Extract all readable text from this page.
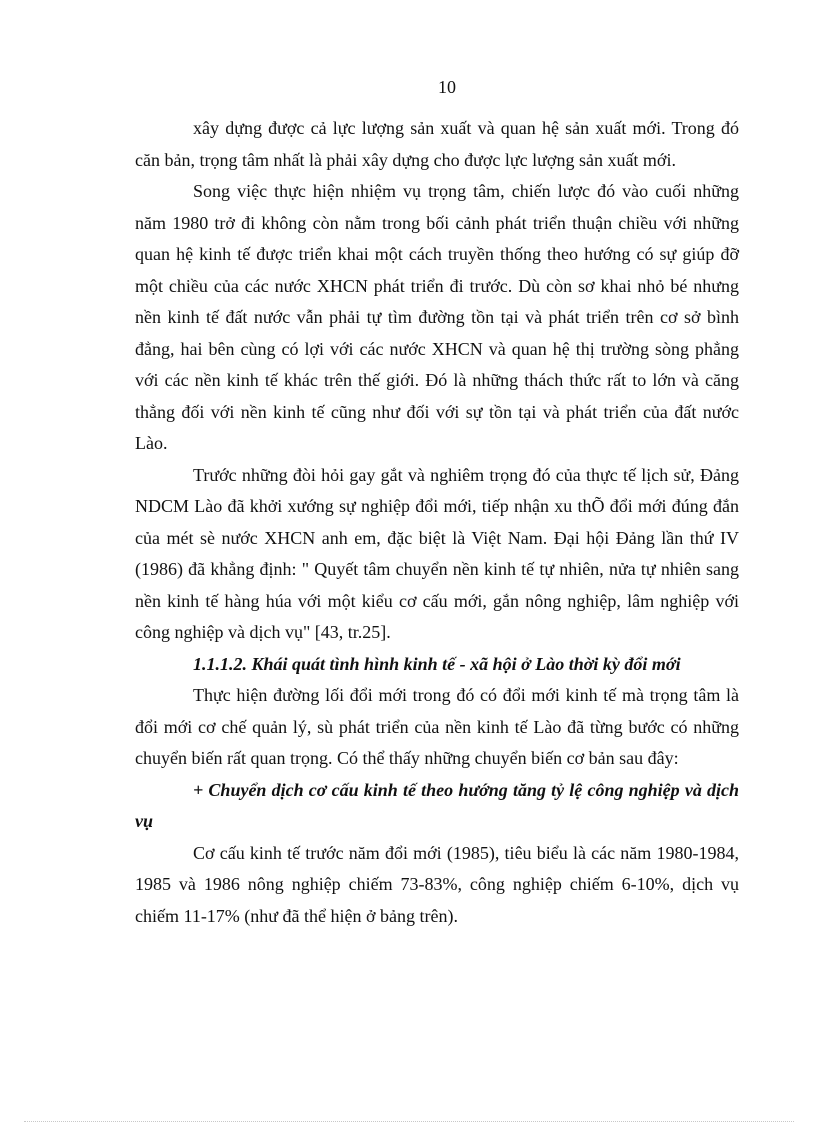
10

xây dựng được cả lực lượng sản xuất và quan hệ sản xuất mới. Trong đó căn bản, trọng tâm nhất là phải xây dựng cho được lực lượng sản xuất mới.

Song việc thực hiện nhiệm vụ trọng tâm, chiến lược đó vào cuối những năm 1980 trở đi không còn nằm trong bối cảnh phát triển thuận chiều với những quan hệ kinh tế được triển khai một cách truyền thống theo hướng có sự giúp đỡ một chiều của các nước XHCN phát triển đi trước. Dù còn sơ khai nhỏ bé nhưng nền kinh tế đất nước vẫn phải tự tìm đường tồn tại và phát triển trên cơ sở bình đẳng, hai bên cùng có lợi với các nước XHCN và quan hệ thị trường sòng phẳng với các nền kinh tế khác trên thế giới. Đó là những thách thức rất to lớn và căng thẳng đối với nền kinh tế cũng như đối với sự tồn tại và phát triển của đất nước Lào.

Trước những đòi hỏi gay gắt và nghiêm trọng đó của thực tế lịch sử, Đảng NDCM Lào đã khởi xướng sự nghiệp đổi mới, tiếp nhận xu thÕ đổi mới đúng đắn của mét sè nước XHCN anh em, đặc biệt là Việt Nam. Đại hội Đảng lần thứ IV (1986) đã khẳng định: " Quyết tâm chuyển nền kinh tế tự nhiên, nửa tự nhiên sang nền kinh tế hàng húa với một kiểu cơ cấu mới, gắn nông nghiệp, lâm nghiệp với công nghiệp và dịch vụ" [43, tr.25].

1.1.1.2. Khái quát tình hình kinh tế - xã hội ở Lào thời kỳ đổi mới

Thực hiện đường lối đổi mới trong đó có đổi mới kinh tế mà trọng tâm là đổi mới cơ chế quản lý, sù phát triển của nền kinh tế Lào đã từng bước có những chuyển biến rất quan trọng. Có thể thấy những chuyển biến cơ bản sau đây:

+ Chuyển dịch cơ cấu kinh tế theo hướng tăng tỷ lệ công nghiệp và dịch vụ

Cơ cấu kinh tế trước năm đổi mới (1985), tiêu biểu là các năm 1980-1984, 1985 và 1986 nông nghiệp chiếm 73-83%, công nghiệp chiếm 6-10%, dịch vụ chiếm 11-17% (như đã thể hiện ở bảng trên).
